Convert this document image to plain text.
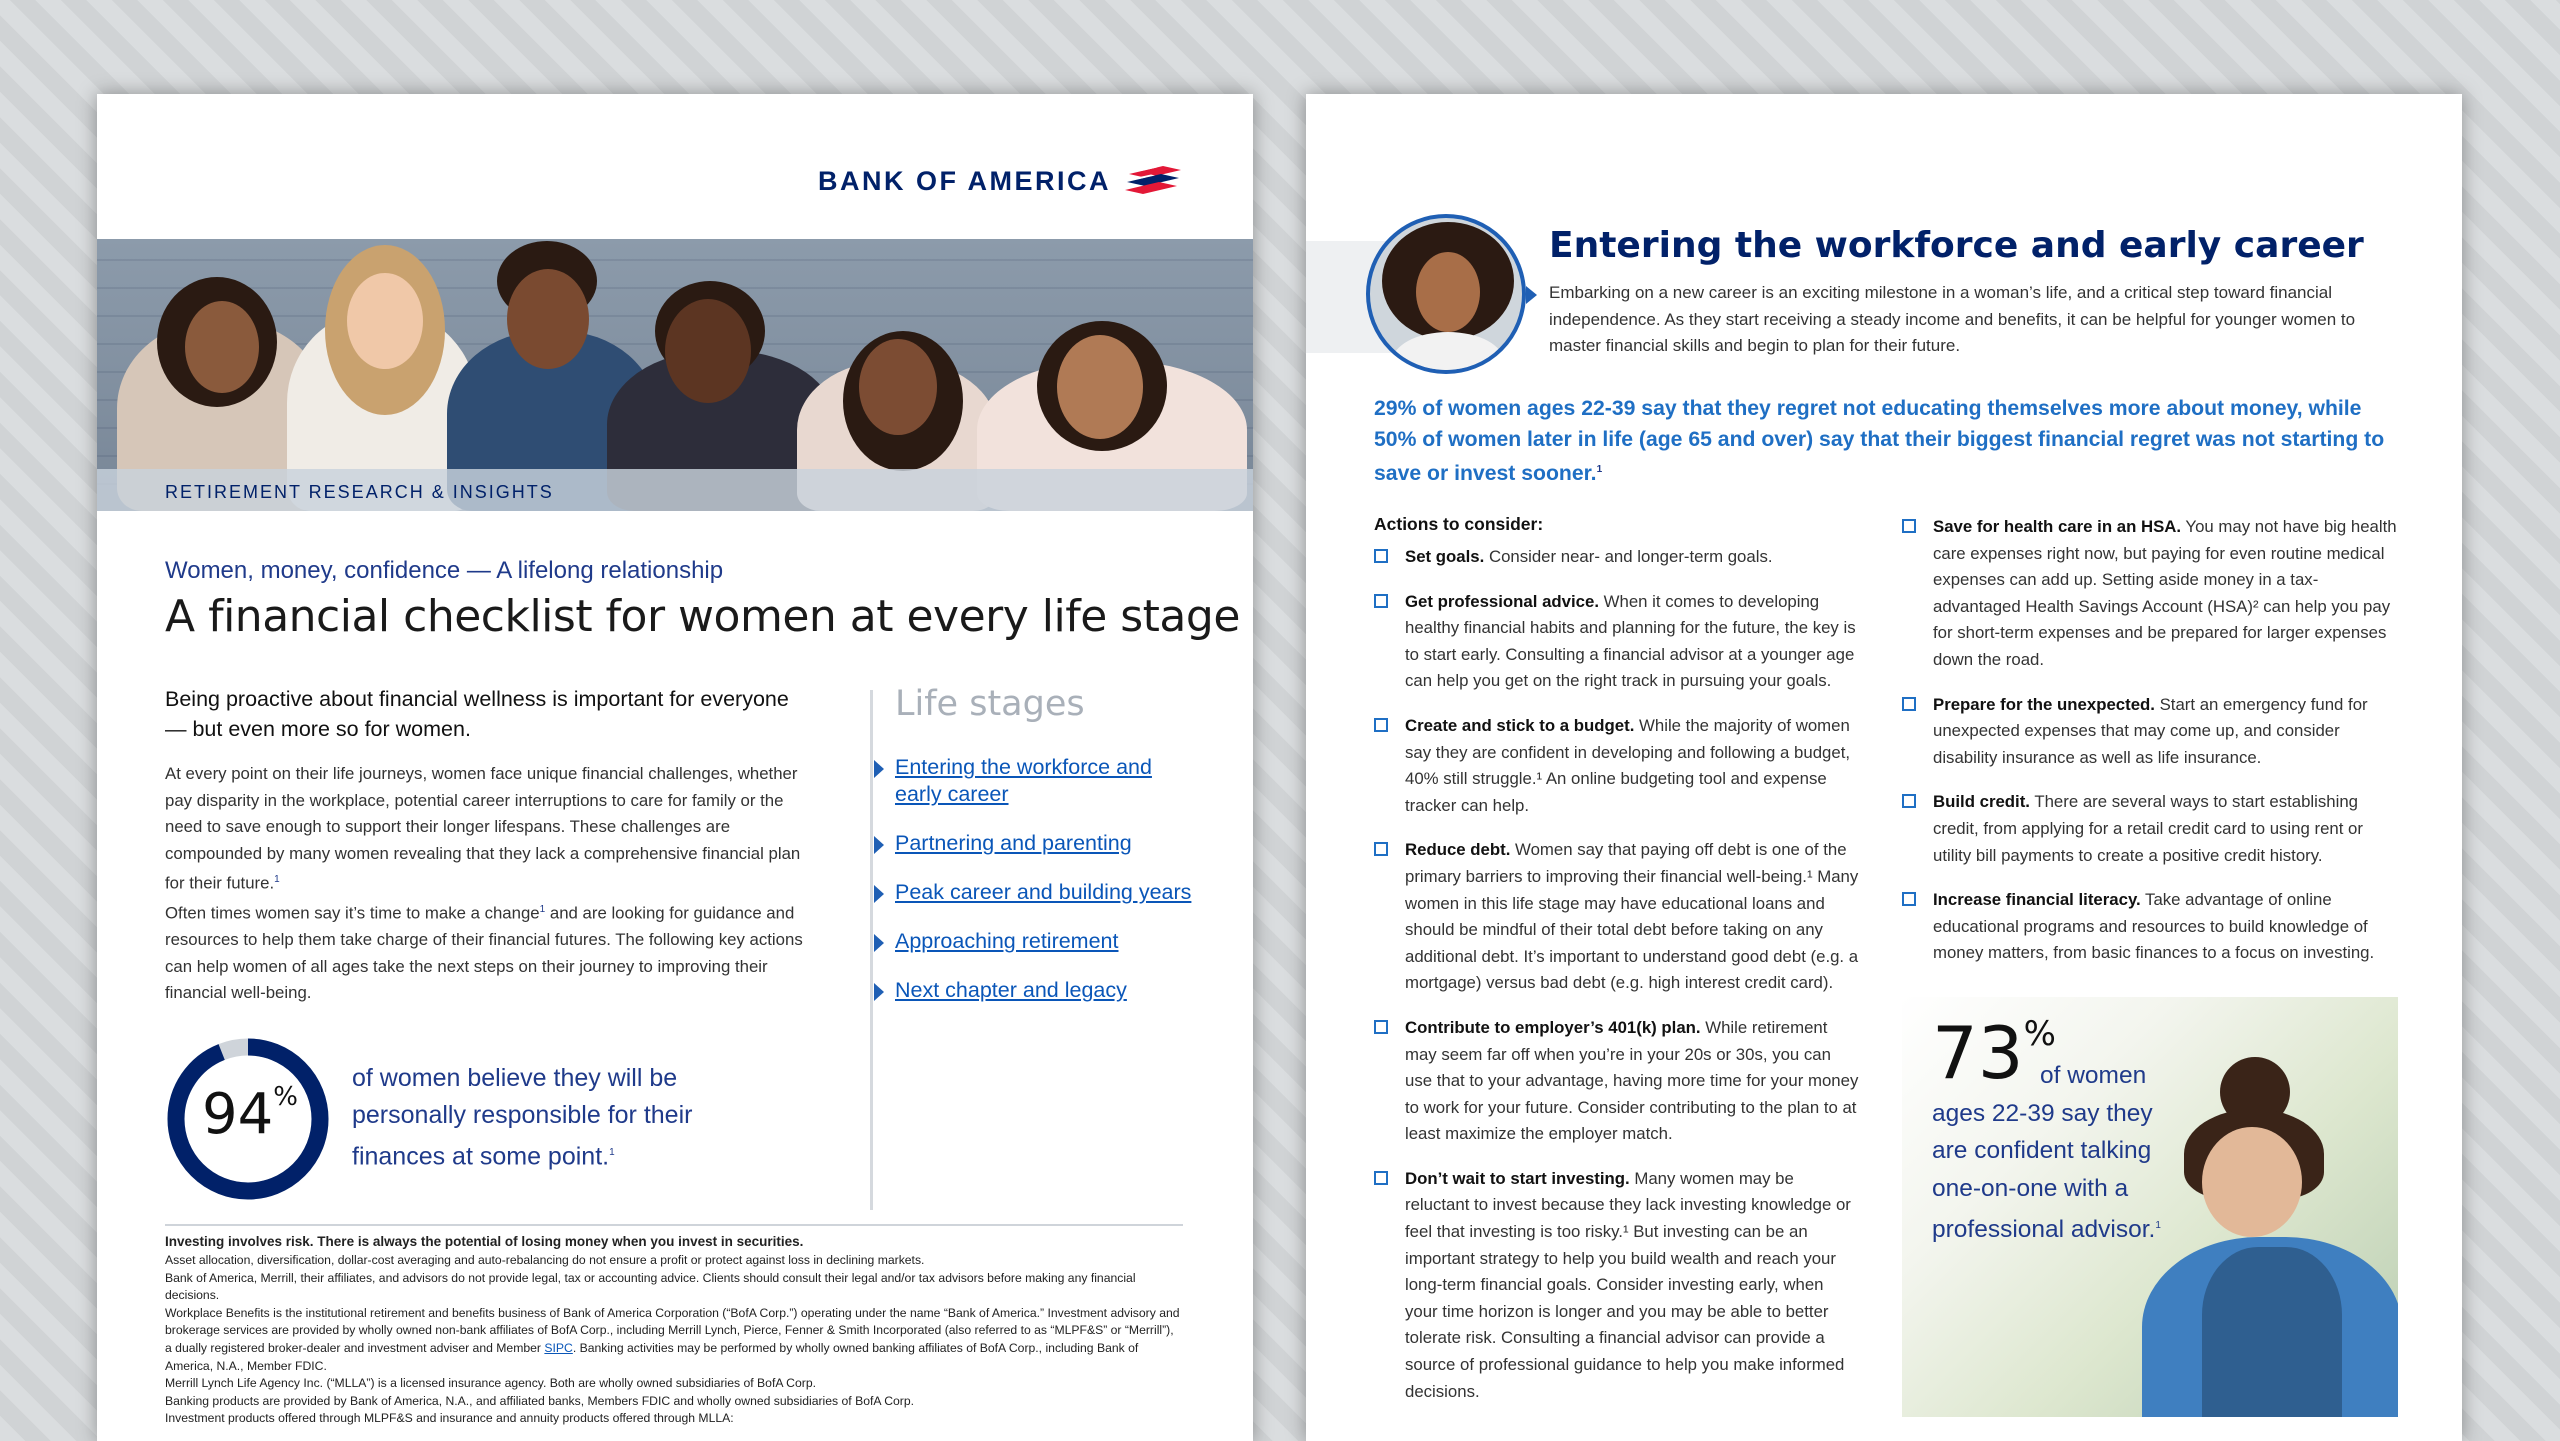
BANK OF AMERICA
RETIREMENT RESEARCH & INSIGHTS
Women, money, confidence — A lifelong relationship
A financial checklist for women at every life stage

Being proactive about financial wellness is important for everyone — but even more so for women.

At every point on their life journeys, women face unique financial challenges, whether pay disparity in the workplace, potential career interruptions to care for family or the need to save enough to support their longer lifespans. These challenges are compounded by many women revealing that they lack a comprehensive financial plan for their future.$^1$

Often times women say it’s time to make a change$^1$ and are looking for guidance and resources to help them take charge of their financial futures. The following key actions can help women of all ages take the next steps on their journey to improving their financial well-being.

94%
of women believe they will be personally responsible for their finances at some point.$^1$
Life stages
Entering the workforce and early career
Partnering and parenting
Peak career and building years
Approaching retirement
Next chapter and legacy
Investing involves risk. There is always the potential of losing money when you invest in securities.
Asset allocation, diversification, dollar-cost averaging and auto-rebalancing do not ensure a profit or protect against loss in declining markets.
Bank of America, Merrill, their affiliates, and advisors do not provide legal, tax or accounting advice. Clients should consult their legal and/or tax advisors before making any financial decisions.
Workplace Benefits is the institutional retirement and benefits business of Bank of America Corporation (“BofA Corp.”) operating under the name “Bank of America.” Investment advisory and brokerage services are provided by wholly owned non-bank affiliates of BofA Corp., including Merrill Lynch, Pierce, Fenner & Smith Incorporated (also referred to as “MLPF&S” or “Merrill”), a dually registered broker-dealer and investment adviser and Member SIPC. Banking activities may be performed by wholly owned banking affiliates of BofA Corp., including Bank of America, N.A., Member FDIC.
Merrill Lynch Life Agency Inc. (“MLLA”) is a licensed insurance agency. Both are wholly owned subsidiaries of BofA Corp.
Banking products are provided by Bank of America, N.A., and affiliated banks, Members FDIC and wholly owned subsidiaries of BofA Corp.
Investment products offered through MLPF&S and insurance and annuity products offered through MLLA:
Entering the workforce and early career

Embarking on a new career is an exciting milestone in a woman’s life, and a critical step toward financial independence. As they start receiving a steady income and benefits, it can be helpful for younger women to master financial skills and begin to plan for their future.

29% of women ages 22-39 say that they regret not educating themselves more about money, while 50% of women later in life (age 65 and over) say that their biggest financial regret was not starting to save or invest sooner.$^1$

Actions to consider:

Set goals. Consider near- and longer-term goals.

Get professional advice. When it comes to developing healthy financial habits and planning for the future, the key is to start early. Consulting a financial advisor at a younger age can help you get on the right track in pursuing your goals.

Create and stick to a budget. While the majority of women say they are confident in developing and following a budget, 40% still struggle.¹ An online budgeting tool and expense tracker can help.

Reduce debt. Women say that paying off debt is one of the primary barriers to improving their financial well-being.¹ Many women in this life stage may have educational loans and should be mindful of their total debt before taking on any additional debt. It’s important to understand good debt (e.g. a mortgage) versus bad debt (e.g. high interest credit card).

Contribute to employer’s 401(k) plan. While retirement may seem far off when you’re in your 20s or 30s, you can use that to your advantage, having more time for your money to work for your future. Consider contributing to the plan to at least maximize the employer match.

Don’t wait to start investing. Many women may be reluctant to invest because they lack investing knowledge or feel that investing is too risky.¹ But investing can be an important strategy to help you build wealth and reach your long-term financial goals. Consider investing early, when your time horizon is longer and you may be able to better tolerate risk. Consulting a financial advisor can provide a source of professional guidance to help you make informed decisions.

Save for health care in an HSA. You may not have big health care expenses right now, but paying for even routine medical expenses can add up. Setting aside money in a tax-advantaged Health Savings Account (HSA)² can help you pay for short-term expenses and be prepared for larger expenses down the road.

Prepare for the unexpected. Start an emergency fund for unexpected expenses that may come up, and consider disability insurance as well as life insurance.

Build credit. There are several ways to start establishing credit, from applying for a retail credit card to using rent or utility bill payments to create a positive credit history.

Increase financial literacy. Take advantage of online educational programs and resources to build knowledge of money matters, from basic finances to a focus on investing.

73%
of women
ages 22-39 say they are confident talking one-on-one with a professional advisor.$^1$
